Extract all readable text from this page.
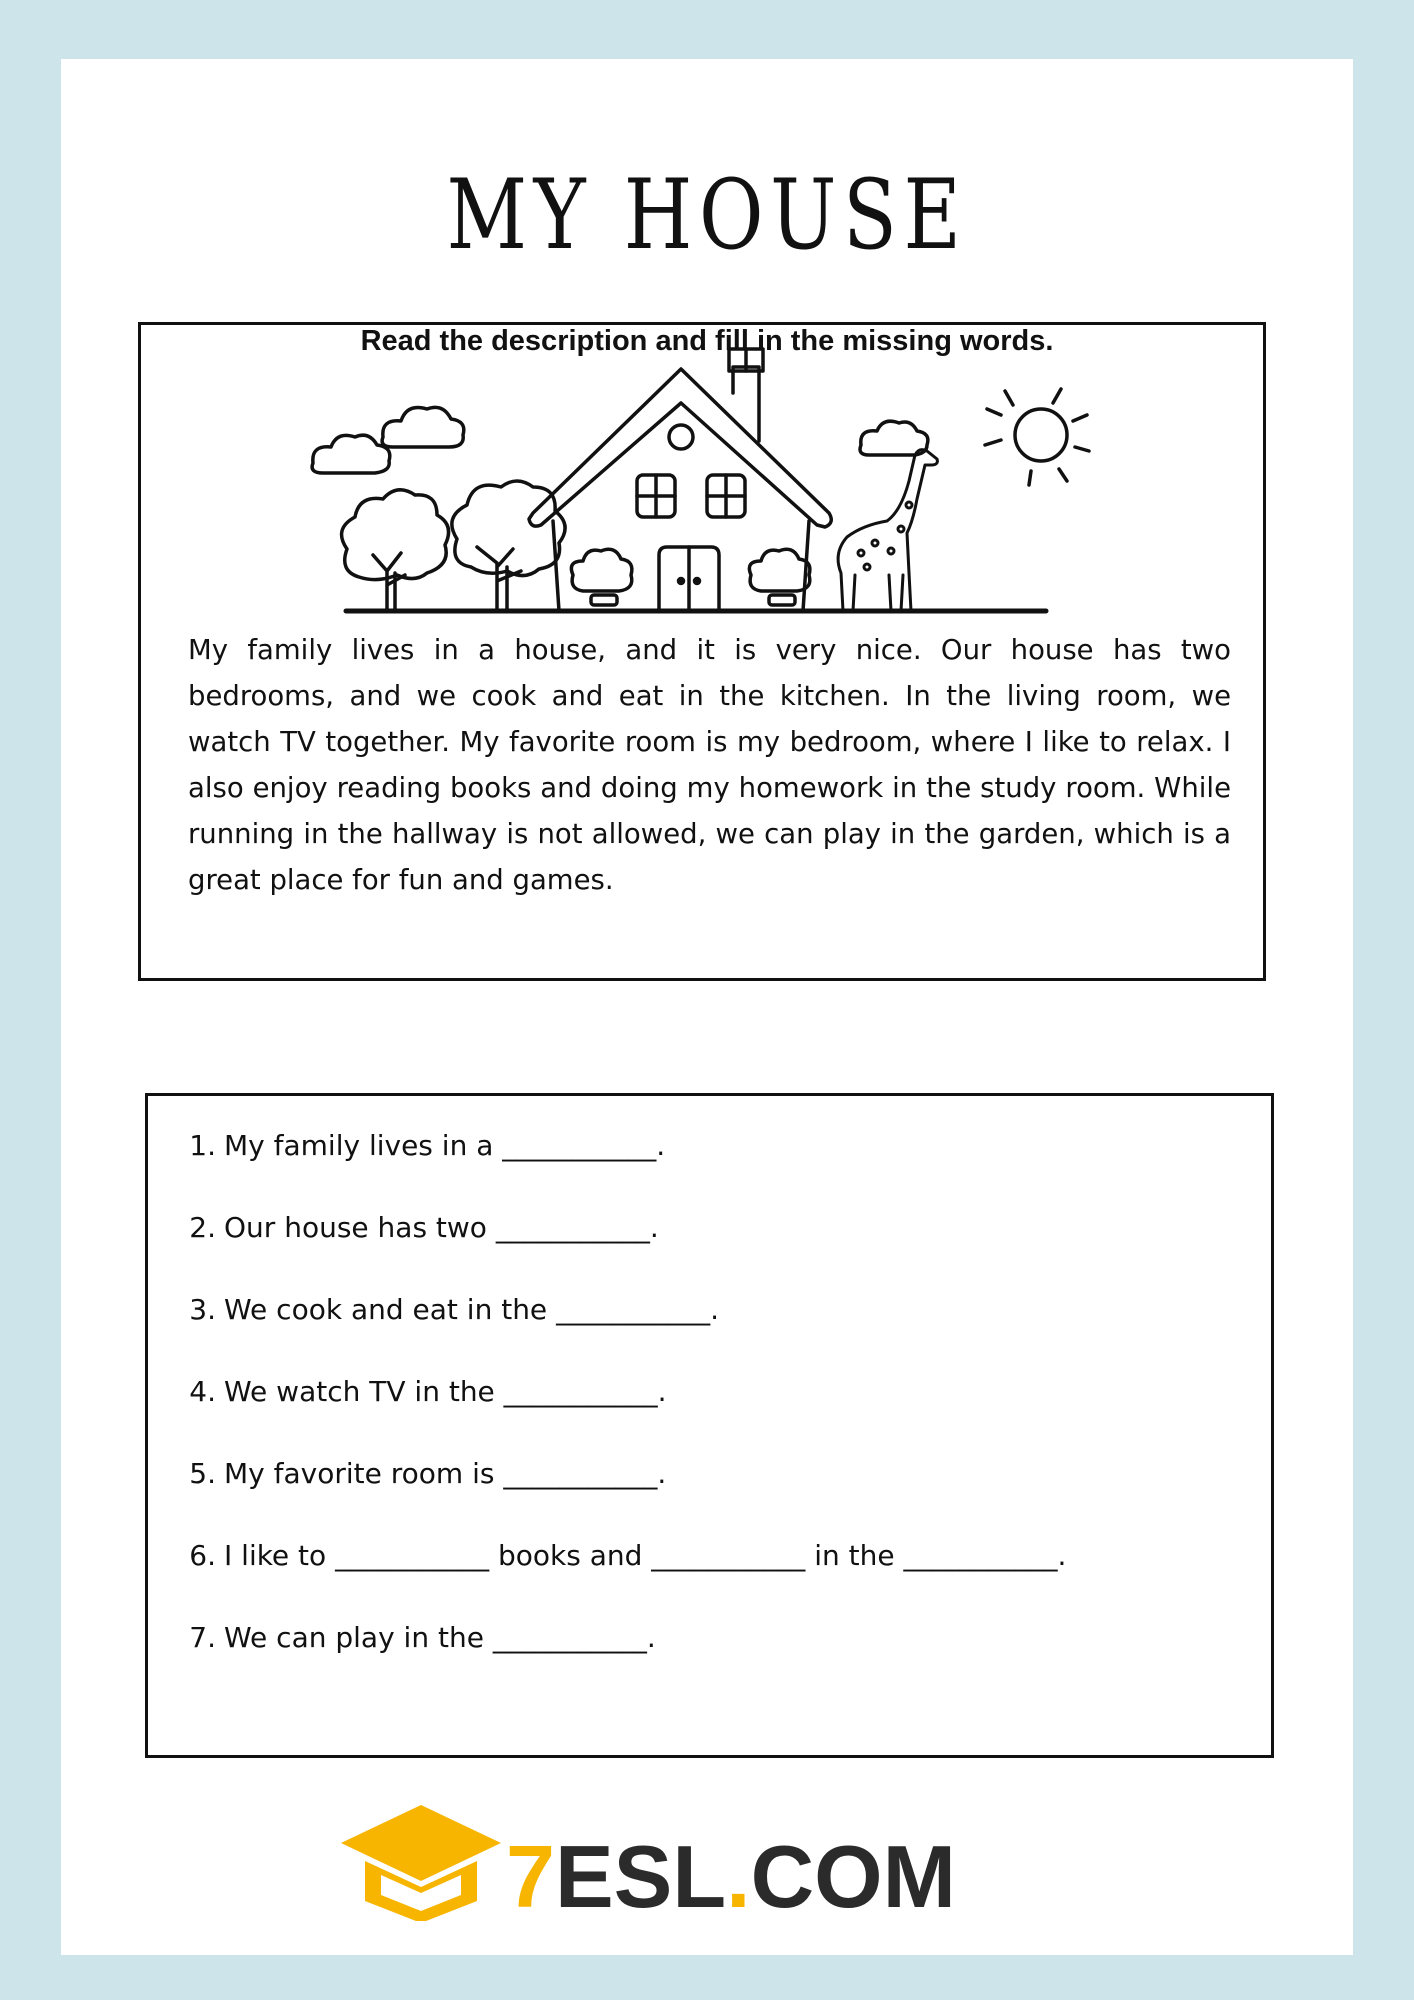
MY HOUSE
Read the description and fill in the missing words.

My family lives in a house, and it is very nice. Our house has two bedrooms, and we cook and eat in the kitchen. In the living room, we watch TV together. My favorite room is my bedroom, where I like to relax. I also enjoy reading books and doing my homework in the study room. While running in the hallway is not allowed, we can play in the garden, which is a great place for fun and games.

1. My family lives in a ___________.
2. Our house has two ___________.
3. We cook and eat in the ___________.
4. We watch TV in the ___________.
5. My favorite room is ___________.
6. I like to ___________ books and ___________ in the ___________.
7. We can play in the ___________.
7ESL.COM
